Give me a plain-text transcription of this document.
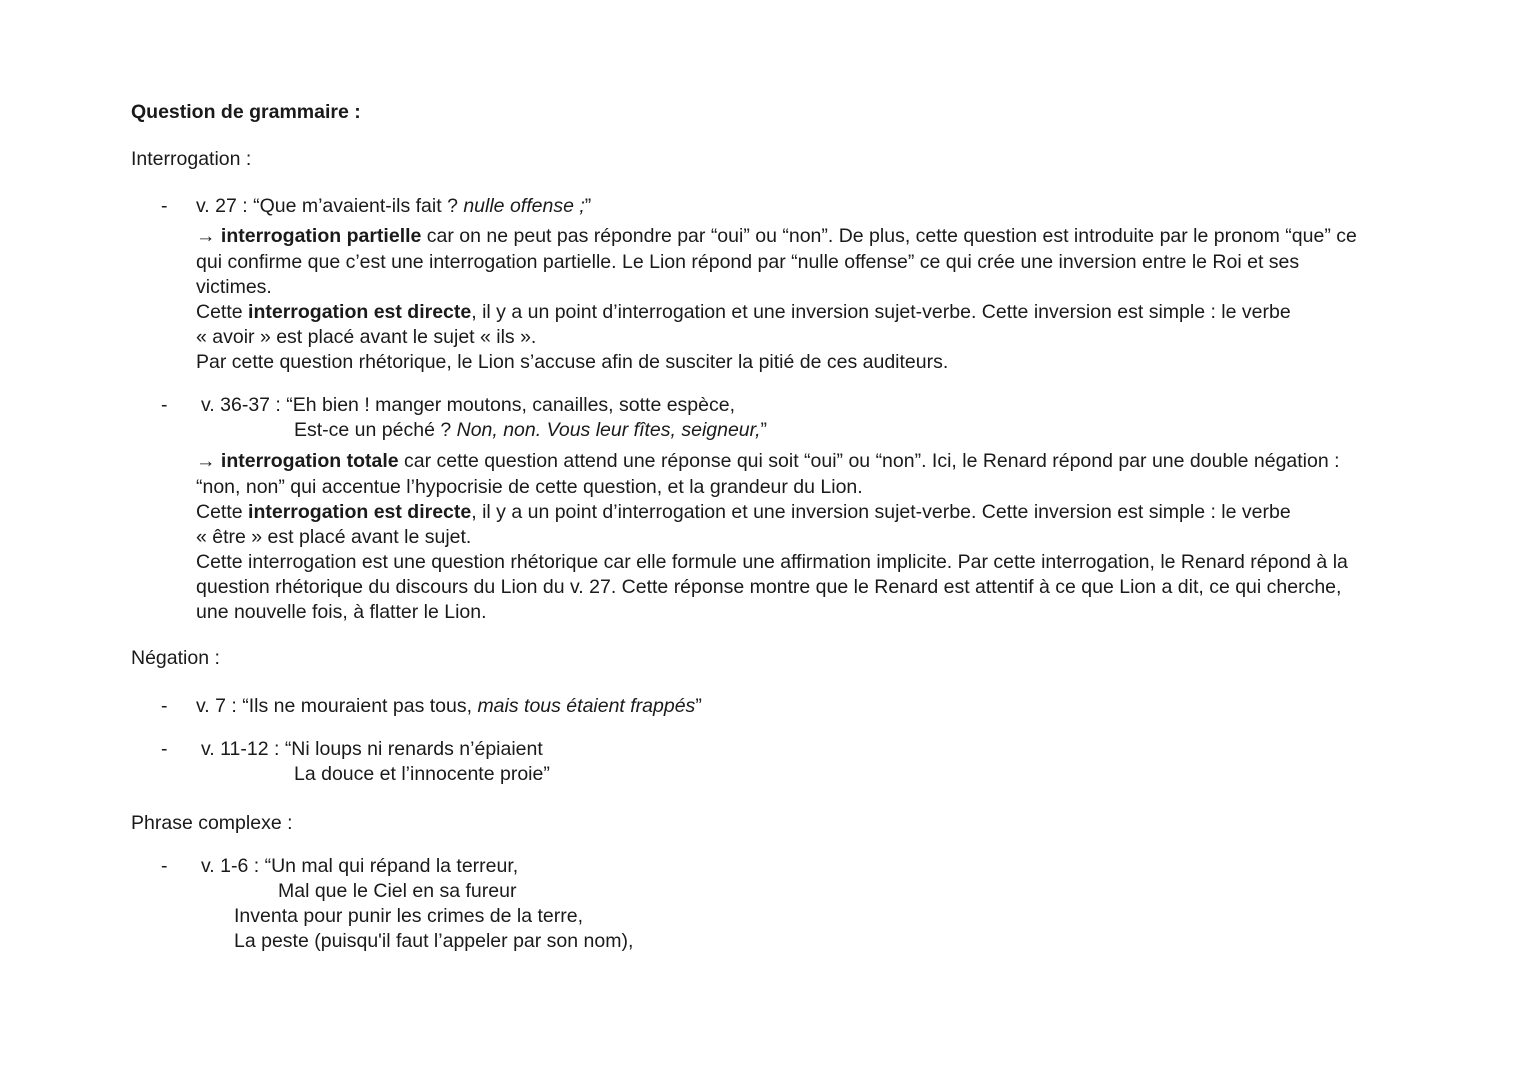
Question de grammaire :
Interrogation :
- v. 27 : “Que m’avaient-ils fait ? nulle offense ;”
→ interrogation partielle car on ne peut pas répondre par “oui” ou “non”. De plus, cette question est introduite par le pronom “que” ce
qui confirme que c’est une interrogation partielle. Le Lion répond par “nulle offense” ce qui crée une inversion entre le Roi et ses
victimes.
Cette interrogation est directe, il y a un point d’interrogation et une inversion sujet-verbe. Cette inversion est simple : le verbe
« avoir » est placé avant le sujet « ils ».
Par cette question rhétorique, le Lion s’accuse afin de susciter la pitié de ces auditeurs.
- v. 36-37 : “Eh bien ! manger moutons, canailles, sotte espèce,
Est-ce un péché ? Non, non. Vous leur fîtes, seigneur,”
→ interrogation totale car cette question attend une réponse qui soit “oui” ou “non”. Ici, le Renard répond par une double négation :
“non, non” qui accentue l’hypocrisie de cette question, et la grandeur du Lion.
Cette interrogation est directe, il y a un point d’interrogation et une inversion sujet-verbe. Cette inversion est simple : le verbe
« être » est placé avant le sujet.
Cette interrogation est une question rhétorique car elle formule une affirmation implicite. Par cette interrogation, le Renard répond à la
question rhétorique du discours du Lion du v. 27. Cette réponse montre que le Renard est attentif à ce que Lion a dit, ce qui cherche,
une nouvelle fois, à flatter le Lion.
Négation :
- v. 7 : “Ils ne mouraient pas tous, mais tous étaient frappés”
- v. 11-12 : “Ni loups ni renards n’épiaient
La douce et l’innocente proie”
Phrase complexe :
- v. 1-6 : “Un mal qui répand la terreur,
Mal que le Ciel en sa fureur
Inventa pour punir les crimes de la terre,
La peste (puisqu'il faut l’appeler par son nom),
